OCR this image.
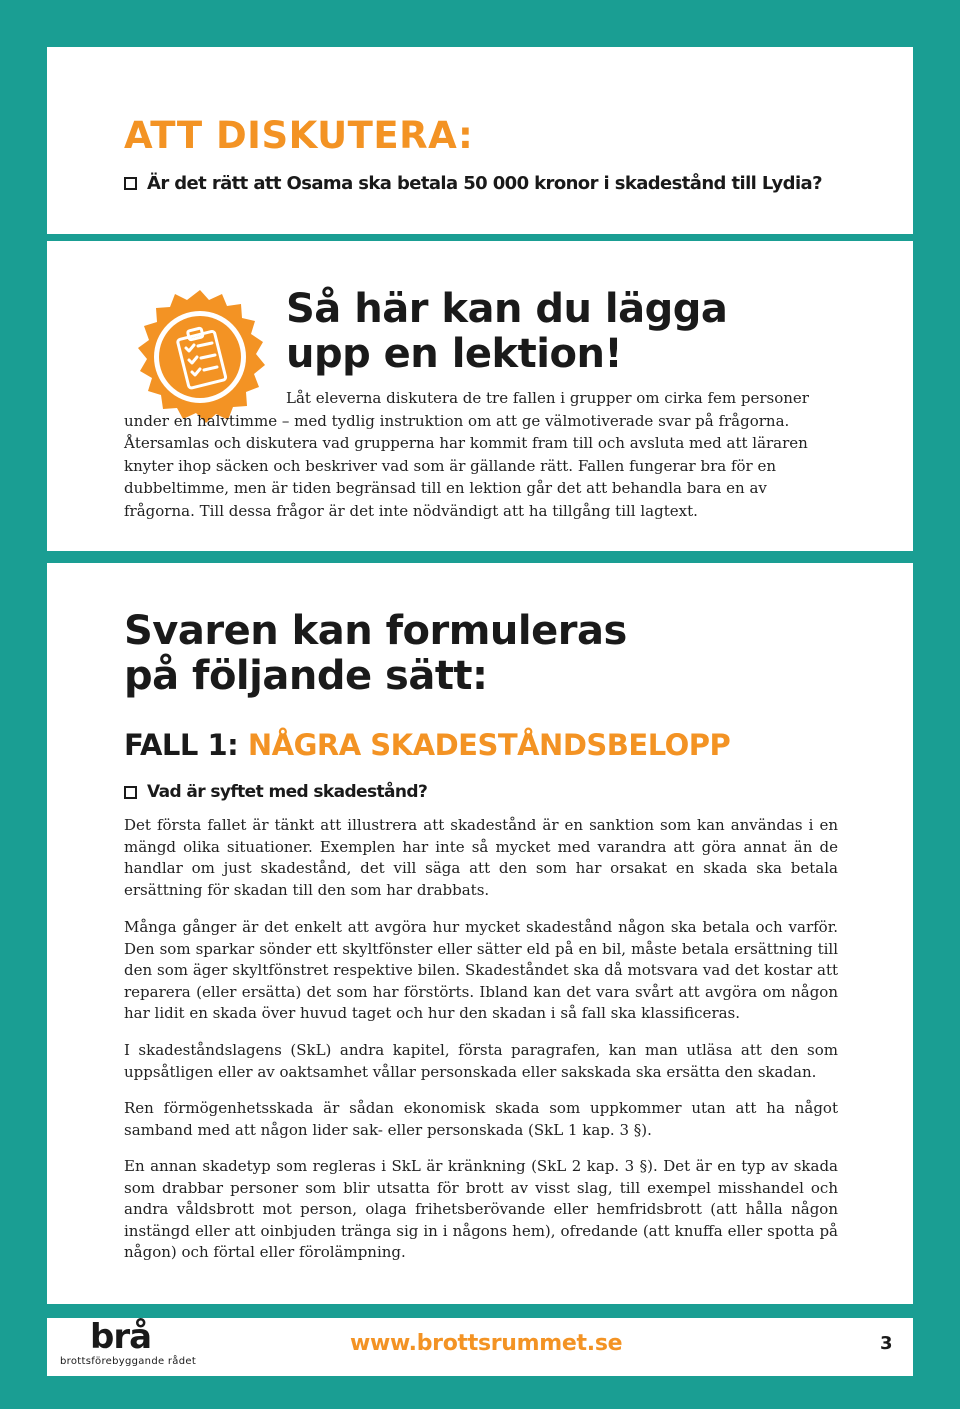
ATT DISKUTERA:
Är det rätt att Osama ska betala 50 000 kronor i skadestånd till Lydia?
Så här kan du lägga
upp en lektion!

Låt eleverna diskutera de tre fallen i grupper om cirka fem personer under en halvtimme – med tydlig instruktion om att ge välmotiverade svar på frågorna. Återsamlas och diskutera vad grupperna har kommit fram till och avsluta med att läraren knyter ihop säcken och beskriver vad som är gällande rätt. Fallen fungerar bra för en dubbeltimme, men är tiden begränsad till en lektion går det att behandla bara en av frågorna. Till dessa frågor är det inte nödvändigt att ha tillgång till lagtext.

Svaren kan formuleras
på följande sätt:
FALL 1: NÅGRA SKADESTÅNDSBELOPP
Vad är syftet med skadestånd?

Det första fallet är tänkt att illustrera att skadestånd är en sanktion som kan användas i en mängd olika situationer. Exemplen har inte så mycket med varandra att göra annat än de handlar om just skadestånd, det vill säga att den som har orsakat en skada ska betala ersättning för skadan till den som har drabbats.

Många gånger är det enkelt att avgöra hur mycket skadestånd någon ska betala och varför. Den som sparkar sönder ett skyltfönster eller sätter eld på en bil, måste betala ersättning till den som äger skyltfönstret respektive bilen. Skadeståndet ska då motsvara vad det kostar att reparera (eller ersätta) det som har förstörts. Ibland kan det vara svårt att avgöra om någon har lidit en skada över huvud taget och hur den skadan i så fall ska klassificeras.

I skadeståndslagens (SkL) andra kapitel, första paragrafen, kan man utläsa att den som uppsåtligen eller av oaktsamhet vållar personskada eller sakskada ska ersätta den skadan.

Ren förmögenhetsskada är sådan ekonomisk skada som uppkommer utan att ha något samband med att någon lider sak- eller personskada (SkL 1 kap. 3 §).

En annan skadetyp som regleras i SkL är kränkning (SkL 2 kap. 3 §). Det är en typ av skada som drabbar personer som blir utsatta för brott av visst slag, till exempel misshandel och andra våldsbrott mot person, olaga frihetsberövande eller hemfridsbrott (att hålla någon instängd eller att oinbjuden tränga sig in i någons hem), ofredande (att knuffa eller spotta på någon) och förtal eller förolämpning.

brå
brottsförebyggande rådet
www.brottsrummet.se	3
